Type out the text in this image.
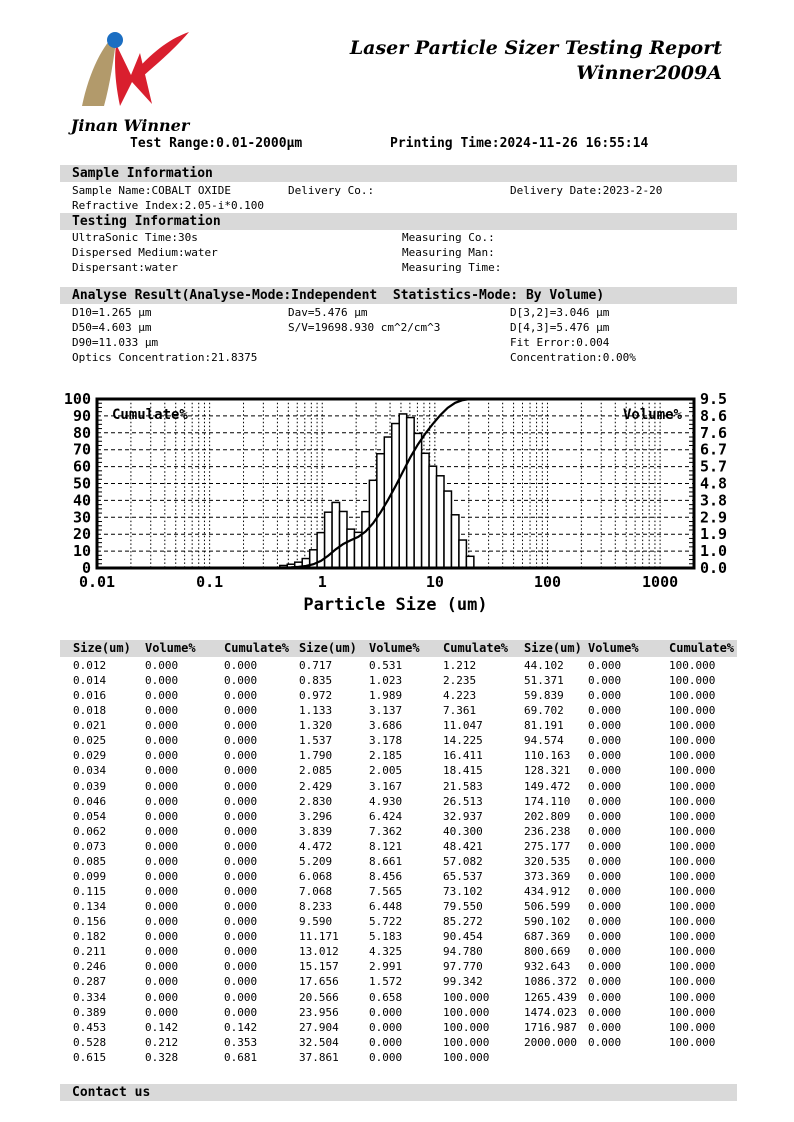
Jinan Winner
Laser Particle Sizer Testing Report
Winner2009A
Test Range:0.01-2000μm	Printing Time:2024-11-26 16:55:14
Sample Information
Sample Name:COBALT OXIDE	Delivery Co.:	Delivery Date:2023-2-20
Refractive Index:2.05-i*0.100
Testing Information
UltraSonic Time:30s	Measuring Co.:
Dispersed Medium:water	Measuring Man:
Dispersant:water	Measuring Time:
Analyse Result(Analyse-Mode:Independent  Statistics-Mode: By Volume)
D10=1.265 μm	Dav=5.476 μm	D[3,2]=3.046 μm
D50=4.603 μm	S/V=19698.930 cm^2/cm^3	D[4,3]=5.476 μm
D90=11.033 μm	Fit Error:0.004
Optics Concentration:21.8375	Concentration:0.00%
100
90
80
70
60
50
40
30
20
10
0
9.5
8.6
7.6
6.7
5.7
4.8
3.8
2.9
1.9
1.0
0.0
0.01	0.1	1	10	100	1000
Cumulate%	Volume%
Particle Size (um)
Size(um) Volume% Cumulate% Size(um) Volume% Cumulate% Size(um) Volume%	Cumulate%
0.012	0.000	0.000	0.717	0.531	1.212	44.102 0.000	100.000
0.014	0.000	0.000	0.835	1.023	2.235	51.371 0.000	100.000
0.016	0.000	0.000	0.972	1.989	4.223	59.839 0.000	100.000
0.018	0.000	0.000	1.133	3.137	7.361	69.702 0.000	100.000
0.021	0.000	0.000	1.320	3.686	11.047	81.191 0.000	100.000
0.025	0.000	0.000	1.537	3.178	14.225	94.574 0.000	100.000
0.029	0.000	0.000	1.790	2.185	16.411	110.163 0.000	100.000
0.034	0.000	0.000	2.085	2.005	18.415	128.321 0.000	100.000
0.039	0.000	0.000	2.429	3.167	21.583	149.472 0.000	100.000
0.046	0.000	0.000	2.830	4.930	26.513	174.110 0.000	100.000
0.054	0.000	0.000	3.296	6.424	32.937	202.809 0.000	100.000
0.062	0.000	0.000	3.839	7.362	40.300	236.238 0.000	100.000
0.073	0.000	0.000	4.472	8.121	48.421	275.177 0.000	100.000
0.085	0.000	0.000	5.209	8.661	57.082	320.535 0.000	100.000
0.099	0.000	0.000	6.068	8.456	65.537	373.369 0.000	100.000
0.115	0.000	0.000	7.068	7.565	73.102	434.912 0.000	100.000
0.134	0.000	0.000	8.233	6.448	79.550	506.599 0.000	100.000
0.156	0.000	0.000	9.590	5.722	85.272	590.102 0.000	100.000
0.182	0.000	0.000	11.171	5.183	90.454	687.369 0.000	100.000
0.211	0.000	0.000	13.012	4.325	94.780	800.669 0.000	100.000
0.246	0.000	0.000	15.157	2.991	97.770	932.643 0.000	100.000
0.287	0.000	0.000	17.656	1.572	99.342	1086.372 0.000	100.000
0.334	0.000	0.000	20.566	0.658	100.000	1265.439 0.000	100.000
0.389	0.000	0.000	23.956	0.000	100.000	1474.023 0.000	100.000
0.453	0.142	0.142	27.904	0.000	100.000	1716.987 0.000	100.000
0.528	0.212	0.353	32.504	0.000	100.000	2000.000 0.000	100.000
0.615	0.328	0.681	37.861	0.000	100.000
Contact us
